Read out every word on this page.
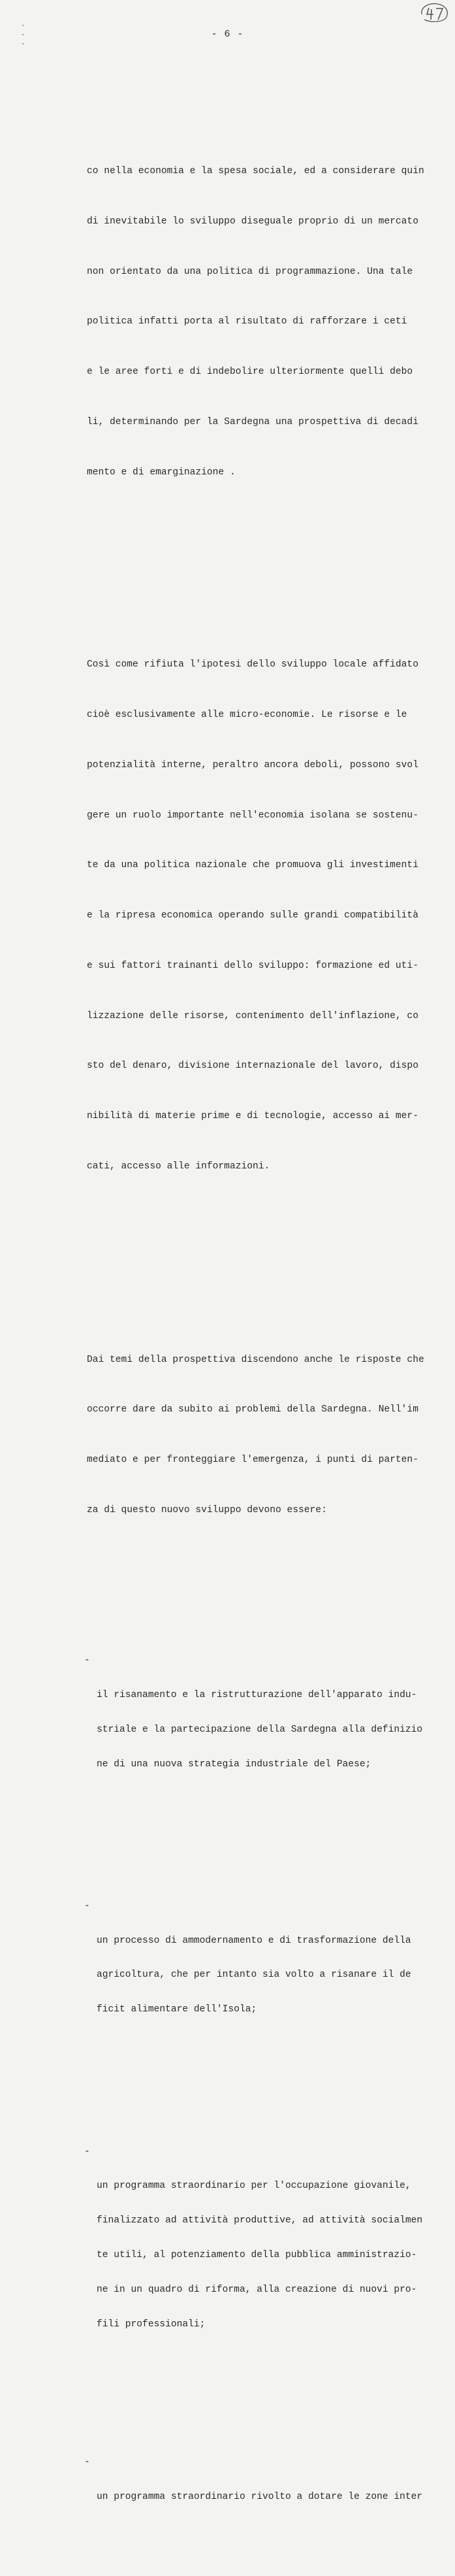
- 6 -

co nella economia e la spesa sociale, ed a considerare quin

di inevitabile lo sviluppo diseguale proprio di un mercato

non orientato da una politica di programmazione. Una tale

politica infatti porta al risultato di rafforzare i ceti

e le aree forti e di indebolire ulteriormente quelli debo

li, determinando per la Sardegna una prospettiva di decadi

mento e di emarginazione .

Così come rifiuta l'ipotesi dello sviluppo locale affidato

cioè esclusivamente alle micro-economie. Le risorse e le

potenzialità interne, peraltro ancora deboli, possono svol

gere un ruolo importante nell'economia isolana se sostenu-

te da una politica nazionale che promuova gli investimenti

e la ripresa economica operando sulle grandi compatibilità

e sui fattori trainanti dello sviluppo: formazione ed uti-

lizzazione delle risorse, contenimento dell'inflazione, co

sto del denaro, divisione internazionale del lavoro, dispo

nibilità di materie prime e di tecnologie, accesso ai mer-

cati, accesso alle informazioni.

Dai temi della prospettiva discendono anche le risposte che

occorre dare da subito ai problemi della Sardegna. Nell'im

mediato e per fronteggiare l'emergenza, i punti di parten-

za di questo nuovo sviluppo devono essere:

-

il risanamento e la ristrutturazione dell'apparato indu-

striale e la partecipazione della Sardegna alla definizio

ne di una nuova strategia industriale del Paese;

-

un processo di ammodernamento e di trasformazione della

agricoltura, che per intanto sia volto a risanare il de

ficit alimentare dell'Isola;

-

un programma straordinario per l'occupazione giovanile,

finalizzato ad attività produttive, ad attività socialmen

te utili, al potenziamento della pubblica amministrazio-

ne in un quadro di riforma, alla creazione di nuovi pro-

fili professionali;

-

un programma straordinario rivolto a dotare le zone inter
